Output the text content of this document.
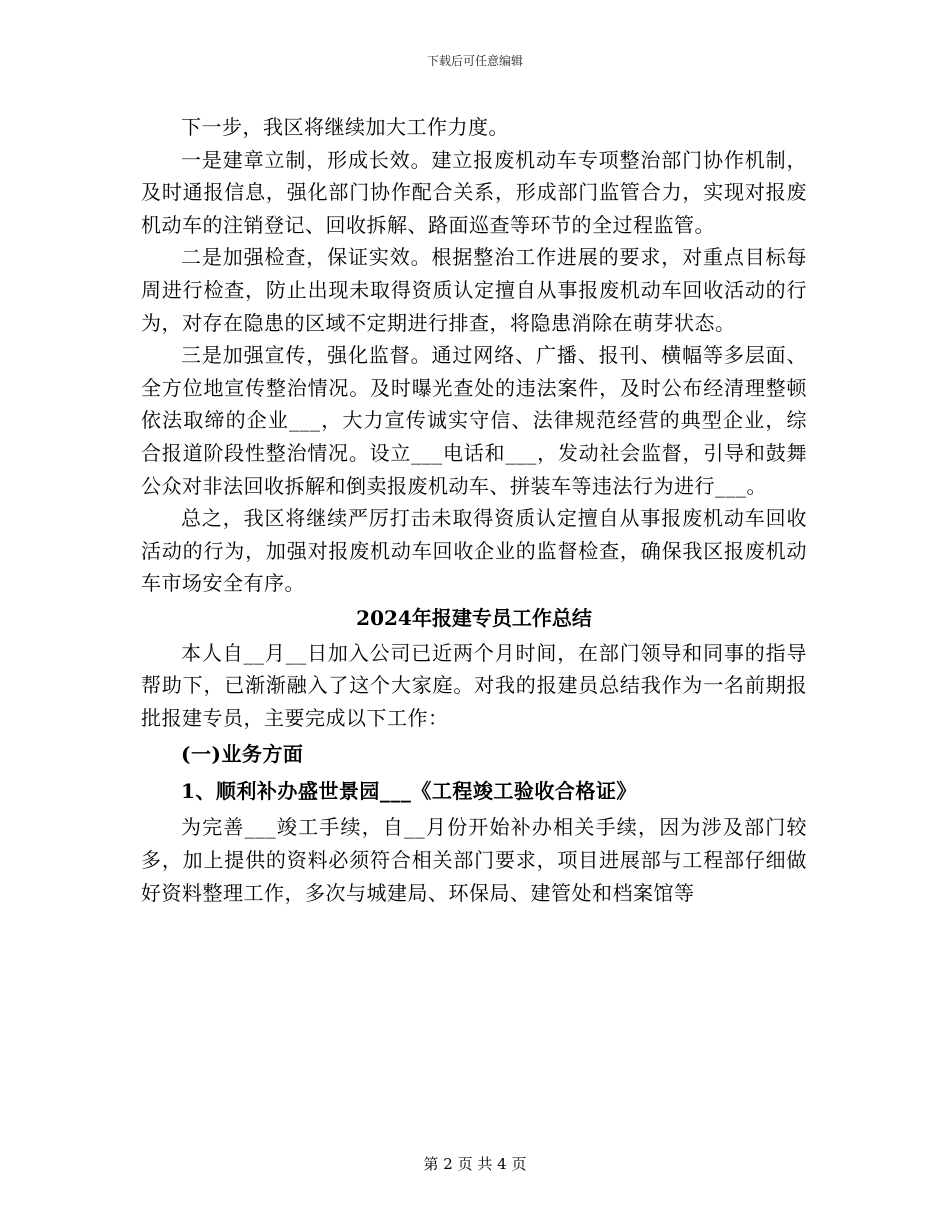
下载后可任意编辑

下一步，我区将继续加大工作力度。

一是建章立制，形成长效。建立报废机动车专项整治部门协作机制，及时通报信息，强化部门协作配合关系，形成部门监管合力，实现对报废机动车的注销登记、回收拆解、路面巡查等环节的全过程监管。

二是加强检查，保证实效。根据整治工作进展的要求，对重点目标每周进行检查，防止出现未取得资质认定擅自从事报废机动车回收活动的行为，对存在隐患的区域不定期进行排查，将隐患消除在萌芽状态。

三是加强宣传，强化监督。通过网络、广播、报刊、横幅等多层面、全方位地宣传整治情况。及时曝光查处的违法案件，及时公布经清理整顿依法取缔的企业___，大力宣传诚实守信、法律规范经营的典型企业，综合报道阶段性整治情况。设立___电话和___，发动社会监督，引导和鼓舞公众对非法回收拆解和倒卖报废机动车、拼装车等违法行为进行___。

总之，我区将继续严厉打击未取得资质认定擅自从事报废机动车回收活动的行为，加强对报废机动车回收企业的监督检查，确保我区报废机动车市场安全有序。

2024年报建专员工作总结

本人自__月__日加入公司已近两个月时间，在部门领导和同事的指导帮助下，已渐渐融入了这个大家庭。对我的报建员总结我作为一名前期报批报建专员，主要完成以下工作：

(一)业务方面

1、顺利补办盛世景园___《工程竣工验收合格证》

为完善___竣工手续，自__月份开始补办相关手续，因为涉及部门较多，加上提供的资料必须符合相关部门要求，项目进展部与工程部仔细做好资料整理工作，多次与城建局、环保局、建管处和档案馆等

第 2 页 共 4 页
